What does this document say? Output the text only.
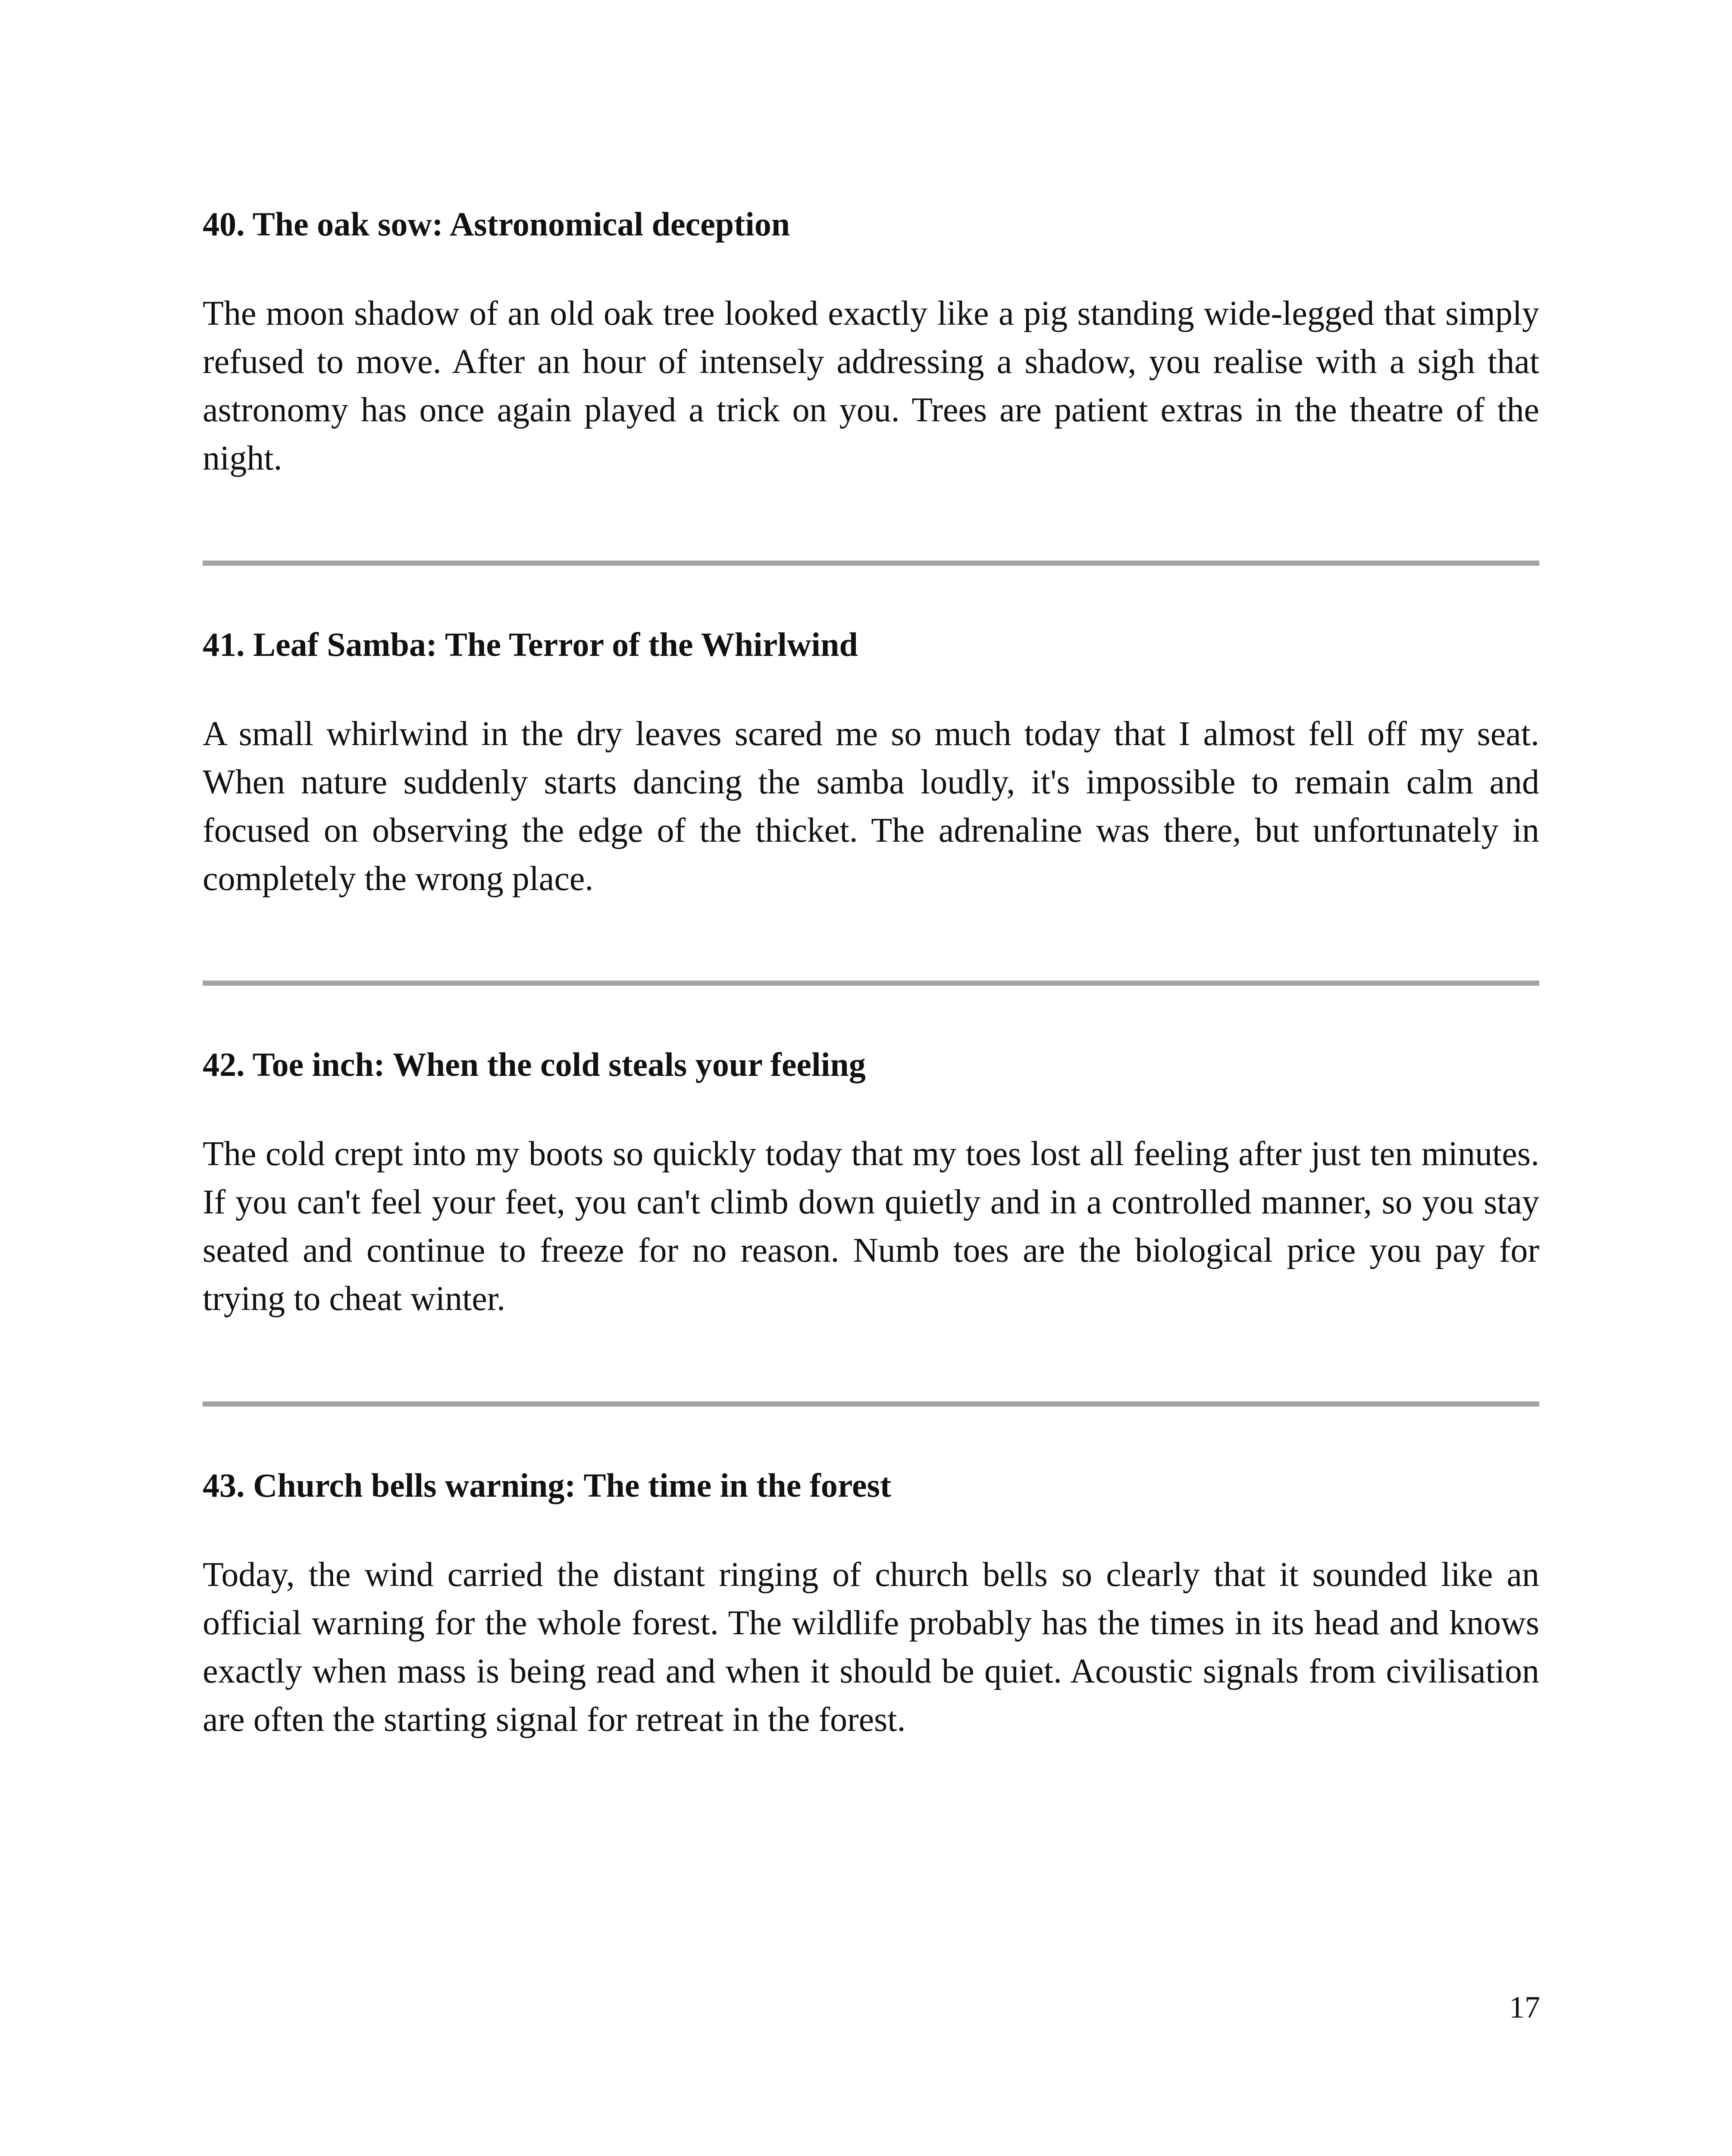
40. The oak sow: Astronomical deception

The moon shadow of an old oak tree looked exactly like a pig standing wide-legged that simply refused to move. After an hour of intensely addressing a shadow, you realise with a sigh that astronomy has once again played a trick on you. Trees are patient extras in the theatre of the night.

41. Leaf Samba: The Terror of the Whirlwind

A small whirlwind in the dry leaves scared me so much today that I almost fell off my seat. When nature suddenly starts dancing the samba loudly, it's impossible to remain calm and focused on observing the edge of the thicket. The adrenaline was there, but unfortunately in completely the wrong place.

42. Toe inch: When the cold steals your feeling

The cold crept into my boots so quickly today that my toes lost all feeling after just ten minutes. If you can't feel your feet, you can't climb down quietly and in a controlled manner, so you stay seated and continue to freeze for no reason. Numb toes are the biological price you pay for trying to cheat winter.

43. Church bells warning: The time in the forest

Today, the wind carried the distant ringing of church bells so clearly that it sounded like an official warning for the whole forest. The wildlife probably has the times in its head and knows exactly when mass is being read and when it should be quiet. Acoustic signals from civilisation are often the starting signal for retreat in the forest.

17
